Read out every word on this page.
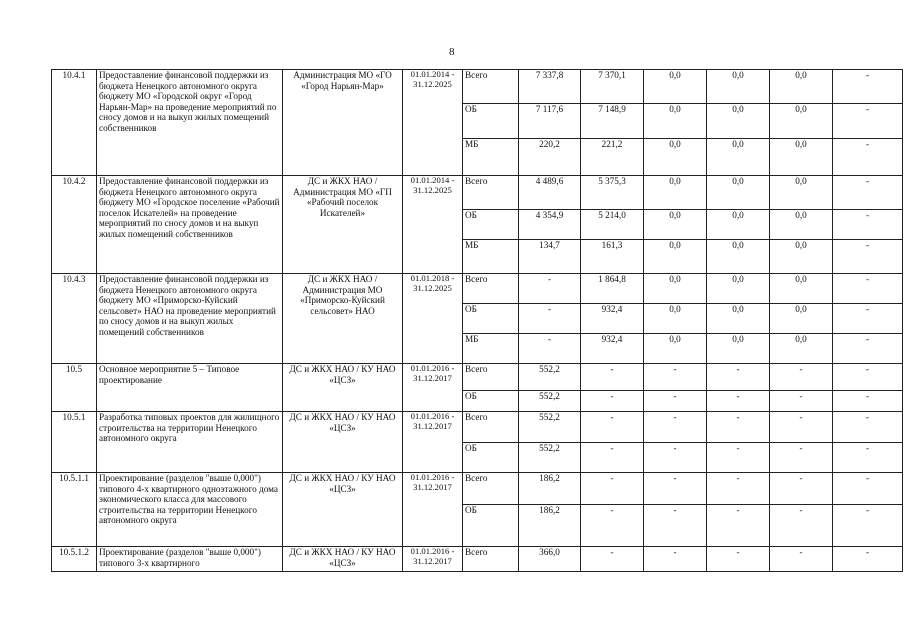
8
10.4.1	Предоставление финансовой поддержки из бюджета Ненецкого автономного округа бюджету МО «Городской округ «Город Нарьян-Мар» на проведение мероприятий по сносу домов и на выкуп жилых помещений собственников	Администрация МО «ГО «Город Нарьян-Мар»	01.01.2014 - 31.12.2025	Всего	7 337,8	7 370,1	0,0	0,0	0,0	-
				ОБ	7 117,6	7 148,9	0,0	0,0	0,0	-
				МБ	220,2	221,2	0,0	0,0	0,0	-
10.4.2	Предоставление финансовой поддержки из бюджета Ненецкого автономного округа бюджету МО «Городское поселение «Рабочий поселок Искателей» на проведение мероприятий по сносу домов и на выкуп жилых помещений собственников	ДС и ЖКХ НАО / Администрация МО «ГП «Рабочий поселок Искателей»	01.01.2014 - 31.12.2025	Всего	4 489,6	5 375,3	0,0	0,0	0,0	-
				ОБ	4 354,9	5 214,0	0,0	0,0	0,0	-
				МБ	134,7	161,3	0,0	0,0	0,0	-
10.4.3	Предоставление финансовой поддержки из бюджета Ненецкого автономного округа бюджету МО «Приморско-Куйский сельсовет» НАО на проведение мероприятий по сносу домов и на выкуп жилых помещений собственников	ДС и ЖКХ НАО / Администрация МО «Приморско-Куйский сельсовет» НАО	01.01.2018 - 31.12.2025	Всего	-	1 864,8	0,0	0,0	0,0	-
				ОБ	-	932,4	0,0	0,0	0,0	-
				МБ	-	932,4	0,0	0,0	0,0	-
10.5	Основное мероприятие 5 – Типовое проектирование	ДС и ЖКХ НАО / КУ НАО «ЦСЗ»	01.01.2016 - 31.12.2017	Всего	552,2	-	-	-	-	-
				ОБ	552,2	-	-	-	-	-
10.5.1	Разработка типовых проектов для жилищного строительства на территории Ненецкого автономного округа	ДС и ЖКХ НАО / КУ НАО «ЦСЗ»	01.01.2016 - 31.12.2017	Всего	552,2	-	-	-	-	-
				ОБ	552,2	-	-	-	-	-
10.5.1.1	Проектирование (разделов "выше 0,000") типового 4-х квартирного одноэтажного дома экономического класса для массового строительства на территории Ненецкого автономного округа	ДС и ЖКХ НАО / КУ НАО «ЦСЗ»	01.01.2016 - 31.12.2017	Всего	186,2	-	-	-	-	-
				ОБ	186,2	-	-	-	-	-
10.5.1.2	Проектирование (разделов "выше 0,000") типового 3-х квартирного	ДС и ЖКХ НАО / КУ НАО «ЦСЗ»	01.01.2016 - 31.12.2017	Всего	366,0	-	-	-	-	-
